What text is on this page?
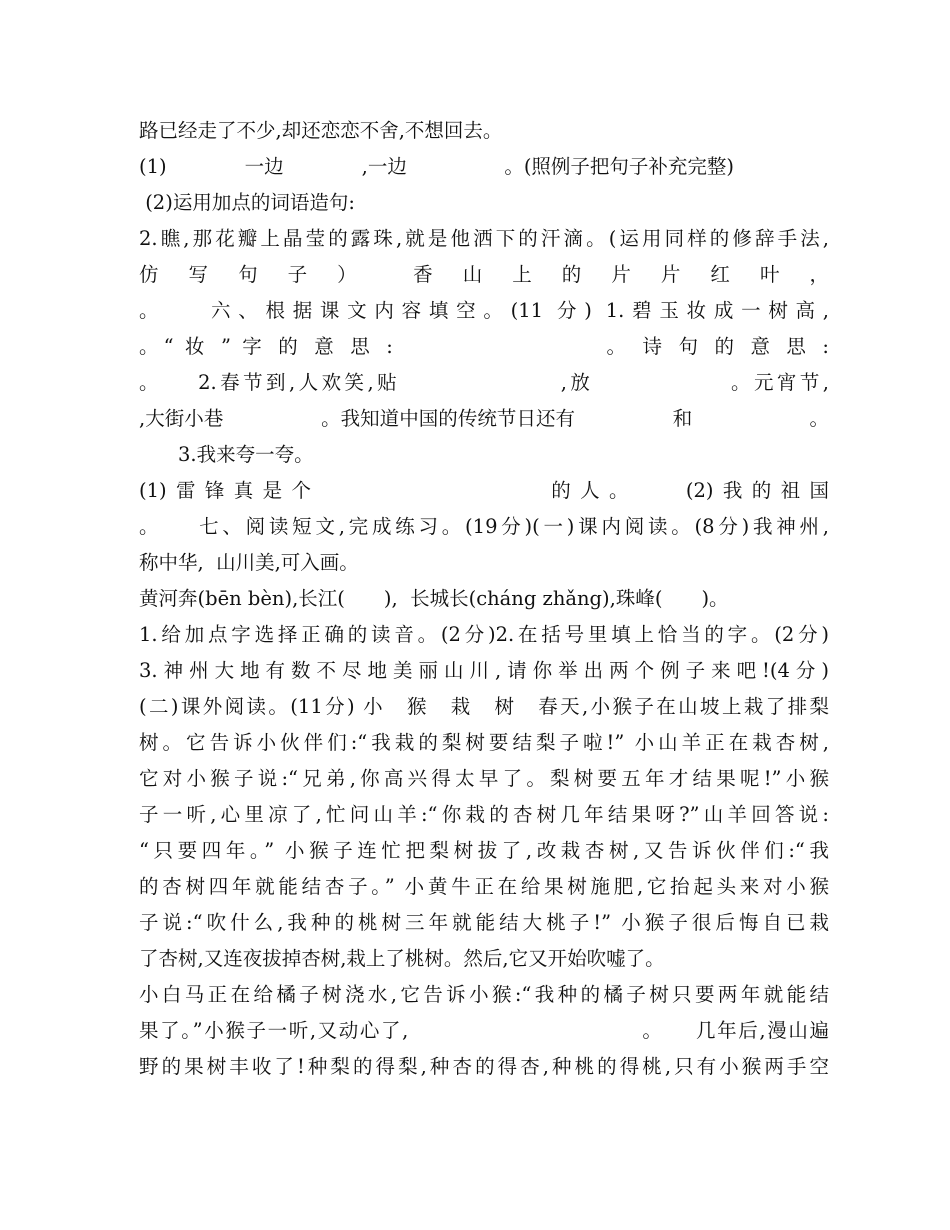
路已经走了不少,却还恋恋不舍,不想回去。
(1)　　　　一边　　　　,一边　　　　　。(照例子把句子补充完整)
(2)运用加点的词语造句:
2.瞧,那花瓣上晶莹的露珠,就是他洒下的汗滴。(运用同样的修辞手法,
仿　写　句　子　）　　 香　山　上　的　片　片　红　叶　，
。　　六、根据课文内容填空。(11 分) 1.碧玉妆成一树高,
。“ 妆 ” 字 的 意 思 :　　　　　　　　 。 诗 句 的 意 思 :
。　　2.春节到,人欢笑,贴　　　　　　　,放　　　　　　。元宵节,
,大街小巷　　　　　。我知道中国的传统节日还有　　　　　和　　　　　　。
　　3.我来夸一夸。
(1)雷锋真是个　　　　　　　　的人。　　(2)我的祖国
。　　七、阅读短文,完成练习。(19分)(一)课内阅读。(8分)我神州,
称中华,  山川美,可入画。
黄河奔(bēn bèn),长江(　　),  长城长(cháng zhǎng),珠峰(　　)。
1.给加点字选择正确的读音。(2分)2.在括号里填上恰当的字。(2分)
3.神州大地有数不尽地美丽山川,请你举出两个例子来吧!(4分)
(二)课外阅读。(11分) 小　猴　栽　树　春天,小猴子在山坡上栽了排梨
树。它告诉小伙伴们:“我栽的梨树要结梨子啦!” 小山羊正在栽杏树,
它对小猴子说:“兄弟,你高兴得太早了。梨树要五年才结果呢!”小猴
子一听,心里凉了,忙问山羊:“你栽的杏树几年结果呀?”山羊回答说:
“只要四年。” 小猴子连忙把梨树拔了,改栽杏树,又告诉伙伴们:“我
的杏树四年就能结杏子。” 小黄牛正在给果树施肥,它抬起头来对小猴
子说:“吹什么,我种的桃树三年就能结大桃子!” 小猴子很后悔自已栽
了杏树,又连夜拔掉杏树,栽上了桃树。然后,它又开始吹嘘了。
小白马正在给橘子树浇水,它告诉小猴:“我种的橘子树只要两年就能结
果了。”小猴子一听,又动心了,　　　　　　　　　　　。　　几年后,漫山遍
野的果树丰收了!种梨的得梨,种杏的得杏,种桃的得桃,只有小猴两手空
